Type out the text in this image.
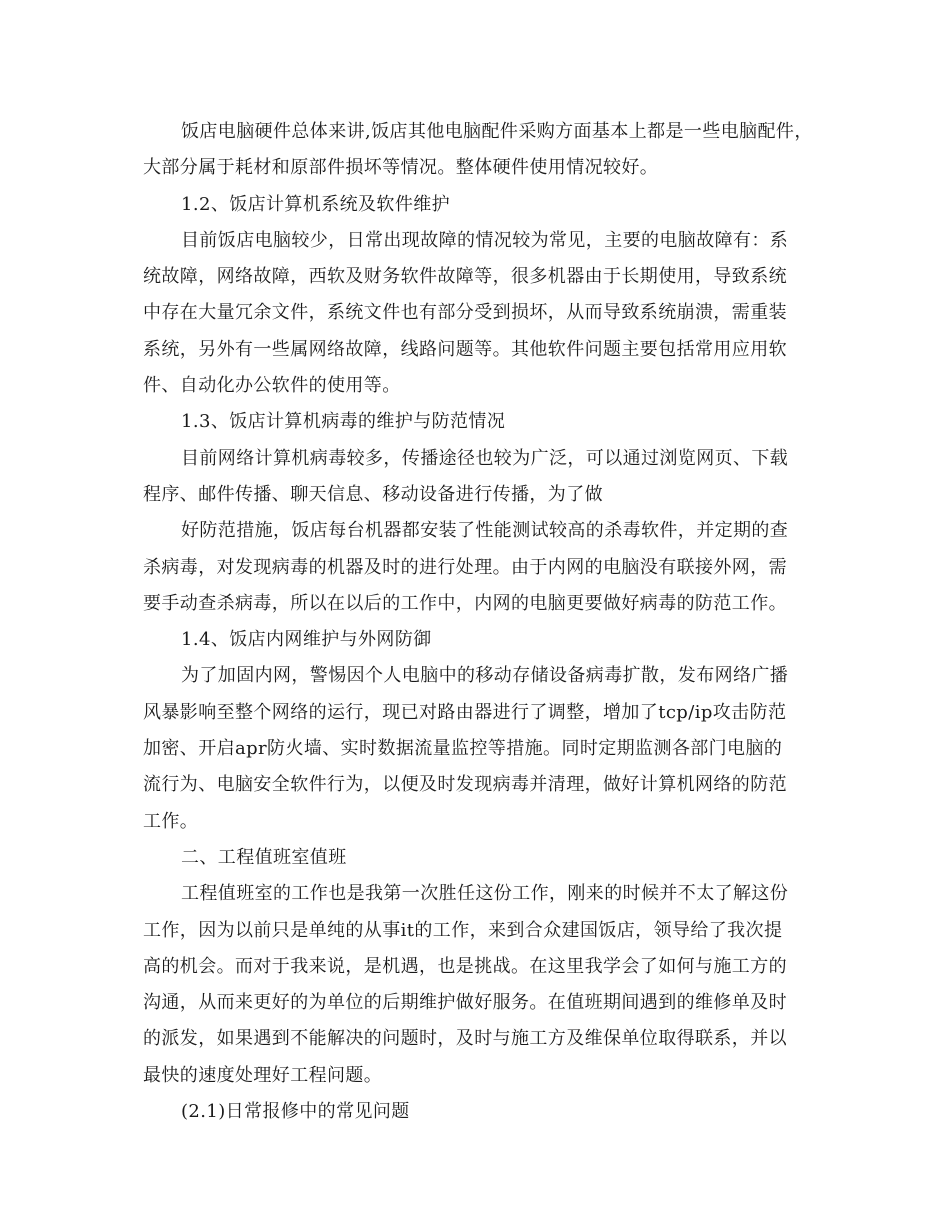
饭店电脑硬件总体来讲,饭店其他电脑配件采购方面基本上都是一些电脑配件，
大部分属于耗材和原部件损坏等情况。整体硬件使用情况较好。
1.2、饭店计算机系统及软件维护
目前饭店电脑较少，日常出现故障的情况较为常见，主要的电脑故障有：系
统故障，网络故障，西软及财务软件故障等，很多机器由于长期使用，导致系统
中存在大量冗余文件，系统文件也有部分受到损坏，从而导致系统崩溃，需重装
系统，另外有一些属网络故障，线路问题等。其他软件问题主要包括常用应用软
件、自动化办公软件的使用等。
1.3、饭店计算机病毒的维护与防范情况
目前网络计算机病毒较多，传播途径也较为广泛，可以通过浏览网页、下载
程序、邮件传播、聊天信息、移动设备进行传播，为了做
好防范措施，饭店每台机器都安装了性能测试较高的杀毒软件，并定期的查
杀病毒，对发现病毒的机器及时的进行处理。由于内网的电脑没有联接外网，需
要手动查杀病毒，所以在以后的工作中，内网的电脑更要做好病毒的防范工作。
1.4、饭店内网维护与外网防御
为了加固内网，警惕因个人电脑中的移动存储设备病毒扩散，发布网络广播
风暴影响至整个网络的运行，现已对路由器进行了调整，增加了tcp/ip攻击防范
加密、开启apr防火墙、实时数据流量监控等措施。同时定期监测各部门电脑的
流行为、电脑安全软件行为，以便及时发现病毒并清理，做好计算机网络的防范
工作。
二、工程值班室值班
工程值班室的工作也是我第一次胜任这份工作，刚来的时候并不太了解这份
工作，因为以前只是单纯的从事it的工作，来到合众建国饭店，领导给了我次提
高的机会。而对于我来说，是机遇，也是挑战。在这里我学会了如何与施工方的
沟通，从而来更好的为单位的后期维护做好服务。在值班期间遇到的维修单及时
的派发，如果遇到不能解决的问题时，及时与施工方及维保单位取得联系，并以
最快的速度处理好工程问题。
(2.1)日常报修中的常见问题
